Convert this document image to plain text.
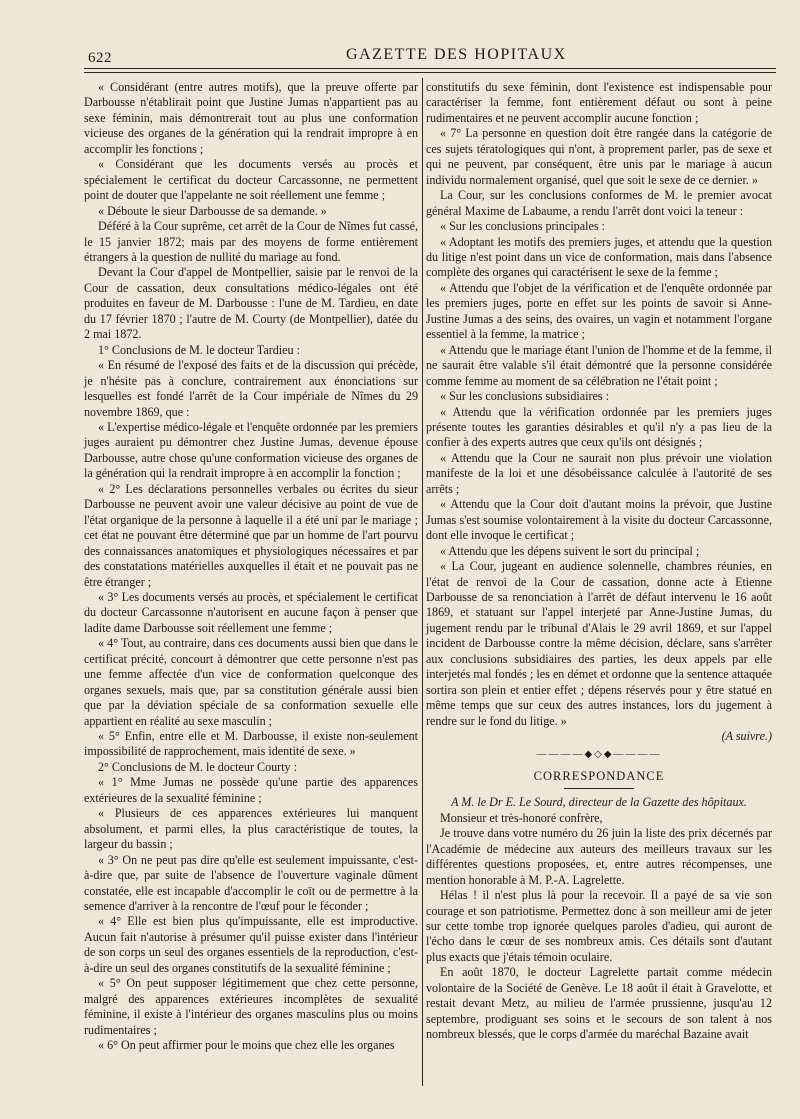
622	GAZETTE DES HOPITAUX

« Considérant (entre autres motifs), que la preuve offerte par Darbousse n'établirait point que Justine Jumas n'appartient pas au sexe féminin, mais démontrerait tout au plus une conformation vicieuse des organes de la génération qui la rendrait impropre à en accomplir les fonctions ;

« Considérant que les documents versés au procès et spécialement le certificat du docteur Carcassonne, ne permettent point de douter que l'appelante ne soit réellement une femme ;

« Déboute le sieur Darbousse de sa demande. »

Déféré à la Cour suprême, cet arrêt de la Cour de Nîmes fut cassé, le 15 janvier 1872; mais par des moyens de forme entièrement étrangers à la question de nullité du mariage au fond.

Devant la Cour d'appel de Montpellier, saisie par le renvoi de la Cour de cassation, deux consultations médico-légales ont été produites en faveur de M. Darbousse : l'une de M. Tardieu, en date du 17 février 1870 ; l'autre de M. Courty (de Montpellier), datée du 2 mai 1872.

1° Conclusions de M. le docteur Tardieu :

« En résumé de l'exposé des faits et de la discussion qui précède, je n'hésite pas à conclure, contrairement aux énonciations sur lesquelles est fondé l'arrêt de la Cour impériale de Nîmes du 29 novembre 1869, que :

« L'expertise médico-légale et l'enquête ordonnée par les premiers juges auraient pu démontrer chez Justine Jumas, devenue épouse Darbousse, autre chose qu'une conformation vicieuse des organes de la génération qui la rendrait impropre à en accomplir la fonction ;

« 2° Les déclarations personnelles verbales ou écrites du sieur Darbousse ne peuvent avoir une valeur décisive au point de vue de l'état organique de la personne à laquelle il a été uni par le mariage ; cet état ne pouvant être déterminé que par un homme de l'art pourvu des connaissances anatomiques et physiologiques nécessaires et par des constatations matérielles auxquelles il était et ne pouvait pas ne être étranger ;

« 3° Les documents versés au procès, et spécialement le certificat du docteur Carcassonne n'autorisent en aucune façon à penser que ladite dame Darbousse soit réellement une femme ;

« 4° Tout, au contraire, dans ces documents aussi bien que dans le certificat précité, concourt à démontrer que cette personne n'est pas une femme affectée d'un vice de conformation quelconque des organes sexuels, mais que, par sa constitution générale aussi bien que par la déviation spéciale de sa conformation sexuelle elle appartient en réalité au sexe masculin ;

« 5° Enfin, entre elle et M. Darbousse, il existe non-seulement impossibilité de rapprochement, mais identité de sexe. »

2° Conclusions de M. le docteur Courty :

« 1° Mme Jumas ne possède qu'une partie des apparences extérieures de la sexualité féminine ;

« Plusieurs de ces apparences extérieures lui manquent absolument, et parmi elles, la plus caractéristique de toutes, la largeur du bassin ;

« 3° On ne peut pas dire qu'elle est seulement impuissante, c'est-à-dire que, par suite de l'absence de l'ouverture vaginale dûment constatée, elle est incapable d'accomplir le coït ou de permettre à la semence d'arriver à la rencontre de l'œuf pour le féconder ;

« 4° Elle est bien plus qu'impuissante, elle est improductive. Aucun fait n'autorise à présumer qu'il puisse exister dans l'intérieur de son corps un seul des organes essentiels de la reproduction, c'est-à-dire un seul des organes constitutifs de la sexualité féminine ;

« 5° On peut supposer légitimement que chez cette personne, malgré des apparences extérieures incomplètes de sexualité féminine, il existe à l'intérieur des organes masculins plus ou moins rudimentaires ;

« 6° On peut affirmer pour le moins que chez elle les organes

constitutifs du sexe féminin, dont l'existence est indispensable pour caractériser la femme, font entièrement défaut ou sont à peine rudimentaires et ne peuvent accomplir aucune fonction ;

« 7° La personne en question doit être rangée dans la catégorie de ces sujets tératologiques qui n'ont, à proprement parler, pas de sexe et qui ne peuvent, par conséquent, être unis par le mariage à aucun individu normalement organisé, quel que soit le sexe de ce dernier. »

La Cour, sur les conclusions conformes de M. le premier avocat général Maxime de Labaume, a rendu l'arrêt dont voici la teneur :

« Sur les conclusions principales :

« Adoptant les motifs des premiers juges, et attendu que la question du litige n'est point dans un vice de conformation, mais dans l'absence complète des organes qui caractérisent le sexe de la femme ;

« Attendu que l'objet de la vérification et de l'enquête ordonnée par les premiers juges, porte en effet sur les points de savoir si Anne-Justine Jumas a des seins, des ovaires, un vagin et notamment l'organe essentiel à la femme, la matrice ;

« Attendu que le mariage étant l'union de l'homme et de la femme, il ne saurait être valable s'il était démontré que la personne considérée comme femme au moment de sa célébration ne l'était point ;

« Sur les conclusions subsidiaires :

« Attendu que la vérification ordonnée par les premiers juges présente toutes les garanties désirables et qu'il n'y a pas lieu de la confier à des experts autres que ceux qu'ils ont désignés ;

« Attendu que la Cour ne saurait non plus prévoir une violation manifeste de la loi et une désobéissance calculée à l'autorité de ses arrêts ;

« Attendu que la Cour doit d'autant moins la prévoir, que Justine Jumas s'est soumise volontairement à la visite du docteur Carcassonne, dont elle invoque le certificat ;

« Attendu que les dépens suivent le sort du principal ;

« La Cour, jugeant en audience solennelle, chambres réunies, en l'état de renvoi de la Cour de cassation, donne acte à Etienne Darbousse de sa renonciation à l'arrêt de défaut intervenu le 16 août 1869, et statuant sur l'appel interjeté par Anne-Justine Jumas, du jugement rendu par le tribunal d'Alais le 29 avril 1869, et sur l'appel incident de Darbousse contre la même décision, déclare, sans s'arrêter aux conclusions subsidiaires des parties, les deux appels par elle interjetés mal fondés ; les en démet et ordonne que la sentence attaquée sortira son plein et entier effet ; dépens réservés pour y être statué en même temps que sur ceux des autres instances, lors du jugement à rendre sur le fond du litige. »

(A suivre.)

――――◆◇◆――――
CORRESPONDANCE

A M. le Dr E. Le Sourd, directeur de la Gazette des hôpitaux.

Monsieur et très-honoré confrère,

Je trouve dans votre numéro du 26 juin la liste des prix décernés par l'Académie de médecine aux auteurs des meilleurs travaux sur les différentes questions proposées, et, entre autres récompenses, une mention honorable à M. P.-A. Lagrelette.

Hélas ! il n'est plus là pour la recevoir. Il a payé de sa vie son courage et son patriotisme. Permettez donc à son meilleur ami de jeter sur cette tombe trop ignorée quelques paroles d'adieu, qui auront de l'écho dans le cœur de ses nombreux amis. Ces détails sont d'autant plus exacts que j'étais témoin oculaire.

En août 1870, le docteur Lagrelette partait comme médecin volontaire de la Société de Genève. Le 18 août il était à Gravelotte, et restait devant Metz, au milieu de l'armée prussienne, jusqu'au 12 septembre, prodiguant ses soins et le secours de son talent à nos nombreux blessés, que le corps d'armée du maréchal Bazaine avait
